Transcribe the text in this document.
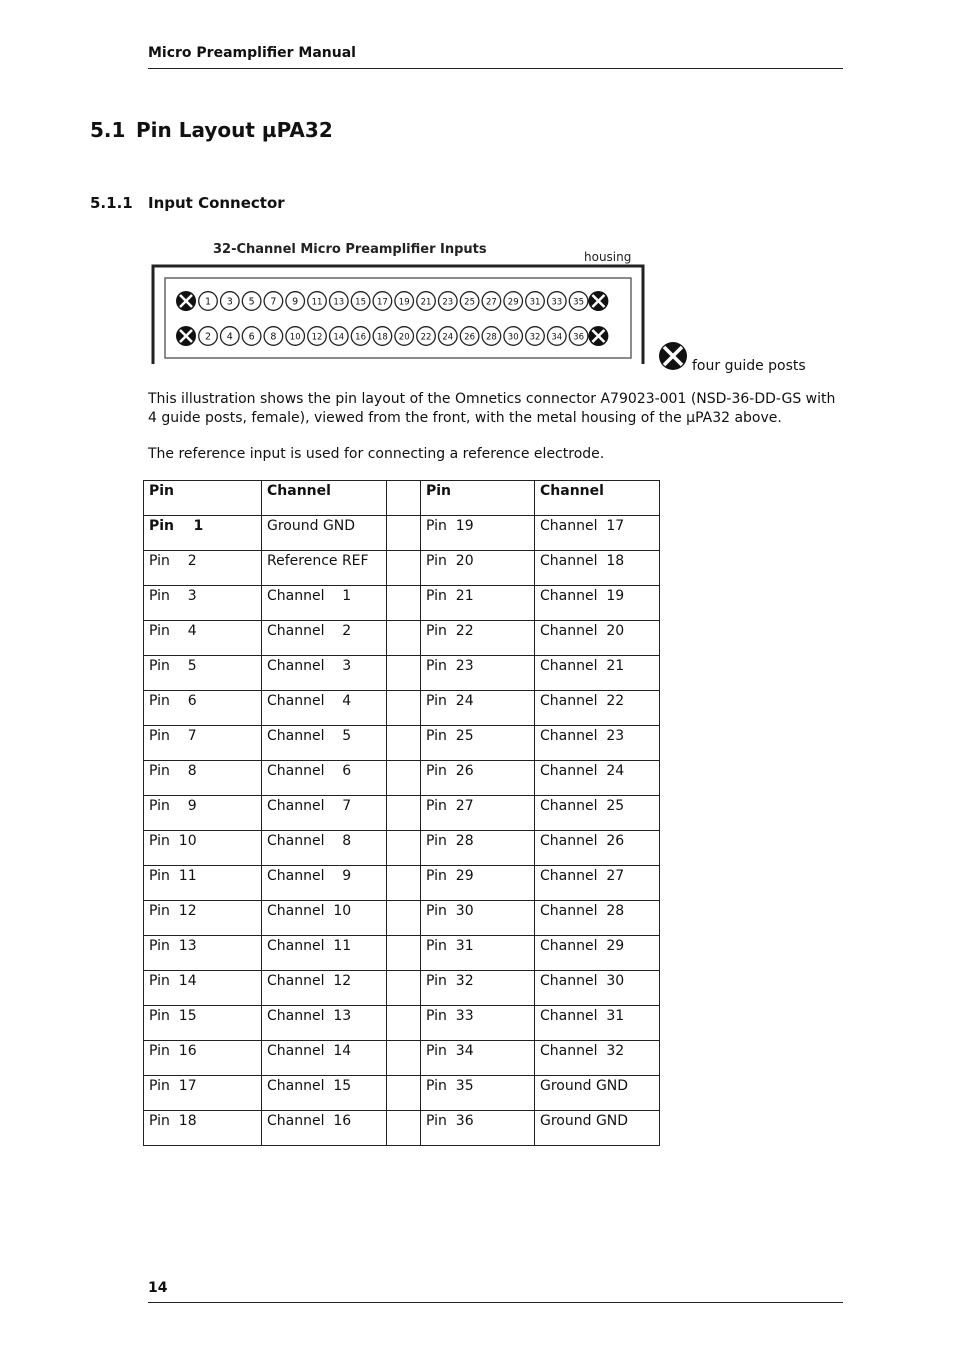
Micro Preamplifier Manual
5.1 Pin Layout µPA32
5.1.1 Input Connector
32-Channel Micro Preamplifier Inputs	housing
1 3 5 7 9 11 13 15 17 19 21 23 25 27 29 31 33 35
2 4 6 8 10 12 14 16 18 20 22 24 26 28 30 32 34 36
four guide posts
This illustration shows the pin layout of the Omnetics connector A79023-001 (NSD-36-DD-GS with 4 guide posts, female), viewed from the front, with the metal housing of the µPA32 above.
The reference input is used for connecting a reference electrode.
Pin	Channel		Pin	Channel
Pin    1	Ground GND		Pin  19	Channel  17
Pin    2	Reference REF		Pin  20	Channel  18
Pin    3	Channel    1		Pin  21	Channel  19
Pin    4	Channel    2		Pin  22	Channel  20
Pin    5	Channel    3		Pin  23	Channel  21
Pin    6	Channel    4		Pin  24	Channel  22
Pin    7	Channel    5		Pin  25	Channel  23
Pin    8	Channel    6		Pin  26	Channel  24
Pin    9	Channel    7		Pin  27	Channel  25
Pin  10	Channel    8		Pin  28	Channel  26
Pin  11	Channel    9		Pin  29	Channel  27
Pin  12	Channel  10		Pin  30	Channel  28
Pin  13	Channel  11		Pin  31	Channel  29
Pin  14	Channel  12		Pin  32	Channel  30
Pin  15	Channel  13		Pin  33	Channel  31
Pin  16	Channel  14		Pin  34	Channel  32
Pin  17	Channel  15		Pin  35	Ground GND
Pin  18	Channel  16		Pin  36	Ground GND
14
